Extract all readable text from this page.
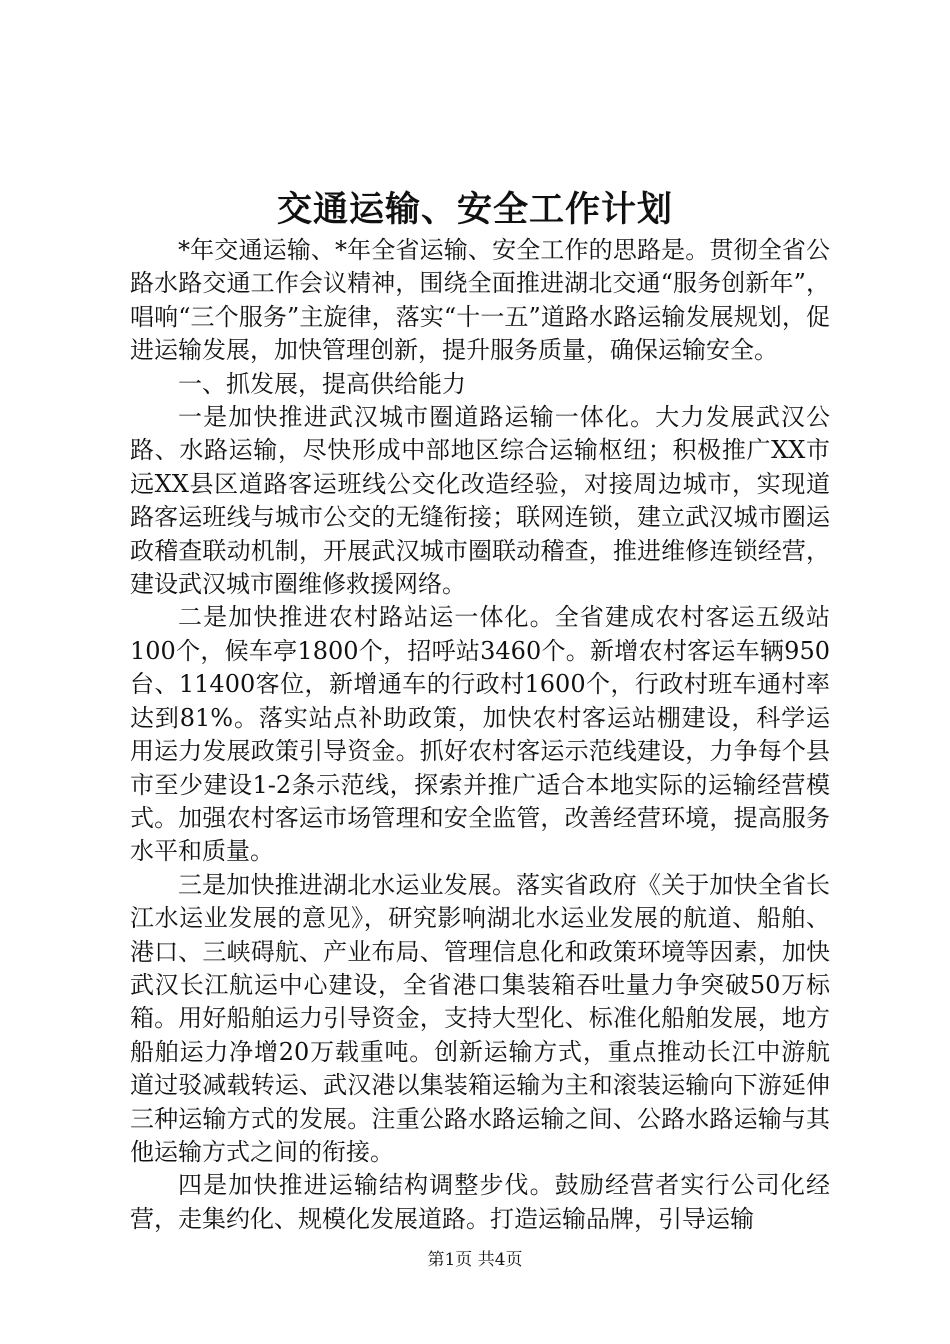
交通运输、安全工作计划

*年交通运输、*年全省运输、安全工作的思路是。贯彻全省公路水路交通工作会议精神，围绕全面推进湖北交通“服务创新年”，唱响“三个服务”主旋律，落实“十一五”道路水路运输发展规划，促进运输发展，加快管理创新，提升服务质量，确保运输安全。

一、抓发展，提高供给能力

一是加快推进武汉城市圈道路运输一体化。大力发展武汉公路、水路运输，尽快形成中部地区综合运输枢纽；积极推广XX市远XX县区道路客运班线公交化改造经验，对接周边城市，实现道路客运班线与城市公交的无缝衔接；联网连锁，建立武汉城市圈运政稽查联动机制，开展武汉城市圈联动稽查，推进维修连锁经营，建设武汉城市圈维修救援网络。

二是加快推进农村路站运一体化。全省建成农村客运五级站100个，候车亭1800个，招呼站3460个。新增农村客运车辆950台、11400客位，新增通车的行政村1600个，行政村班车通村率达到81%。落实站点补助政策，加快农村客运站棚建设，科学运用运力发展政策引导资金。抓好农村客运示范线建设，力争每个县市至少建设1-2条示范线，探索并推广适合本地实际的运输经营模式。加强农村客运市场管理和安全监管，改善经营环境，提高服务水平和质量。

三是加快推进湖北水运业发展。落实省政府《关于加快全省长江水运业发展的意见》，研究影响湖北水运业发展的航道、船舶、港口、三峡碍航、产业布局、管理信息化和政策环境等因素，加快武汉长江航运中心建设，全省港口集装箱吞吐量力争突破50万标箱。用好船舶运力引导资金，支持大型化、标准化船舶发展，地方船舶运力净增20万载重吨。创新运输方式，重点推动长江中游航道过驳减载转运、武汉港以集装箱运输为主和滚装运输向下游延伸三种运输方式的发展。注重公路水路运输之间、公路水路运输与其他运输方式之间的衔接。

四是加快推进运输结构调整步伐。鼓励经营者实行公司化经营，走集约化、规模化发展道路。打造运输品牌，引导运输

第1页 共4页
